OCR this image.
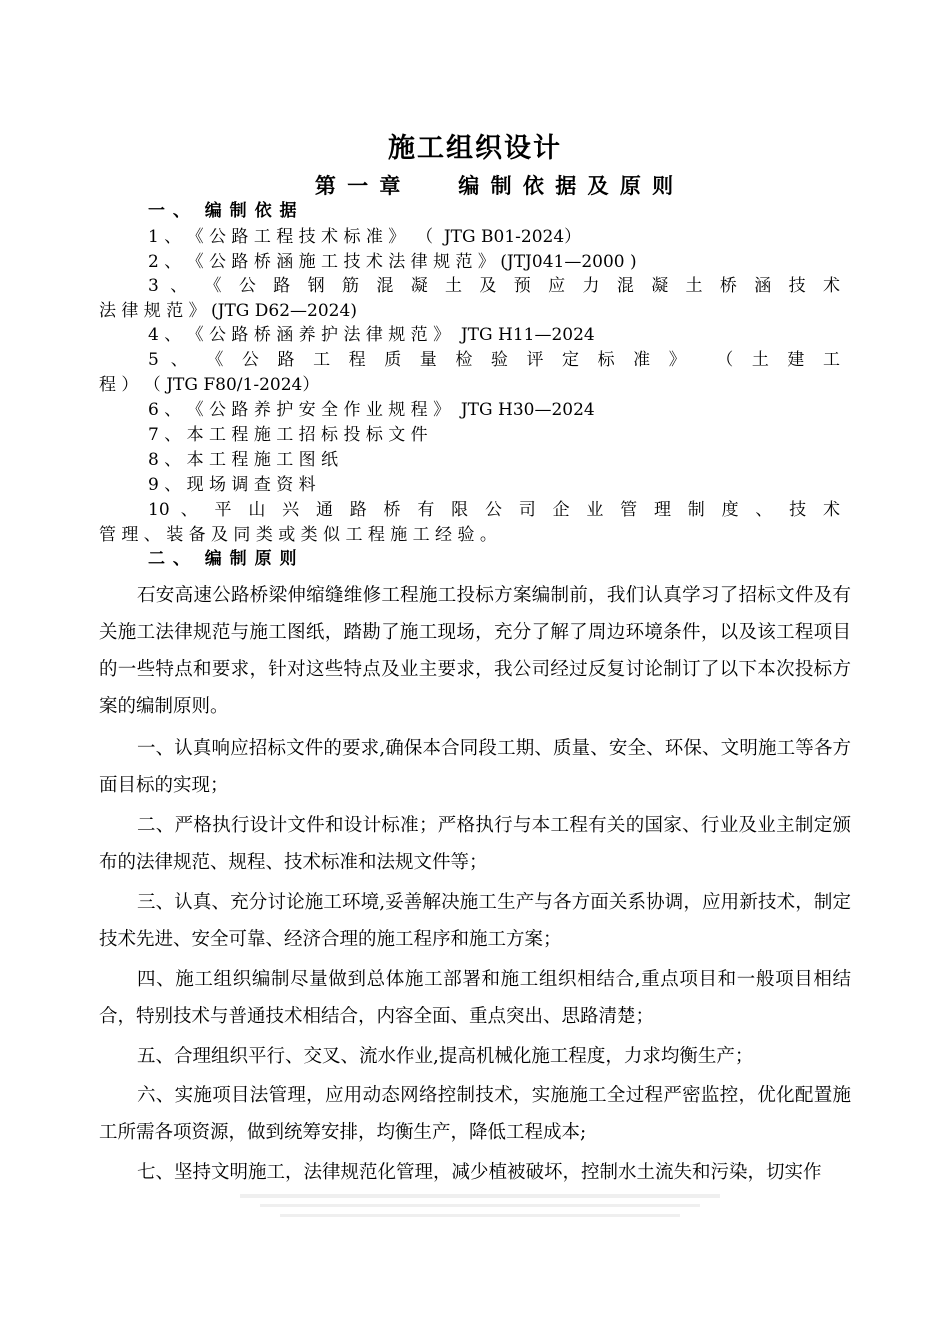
施工组织设计
第 一 章      编 制 依 据 及 原 则
一 、  编 制 依 据
1 、 《 公 路 工 程 技 术 标 准 》  （  JTG B01-2024）
2 、 《 公 路 桥 涵 施 工 技 术 法 律 规 范 》 (JTJ041—2000 )
3 、 《 公 路 钢 筋 混 凝 土 及 预 应 力 混 凝 土 桥 涵 技 术
法 律 规 范 》 (JTG D62—2024)
4 、 《 公 路 桥 涵 养 护 法 律 规 范 》  JTG H11—2024
5 、 《 公 路 工 程 质 量 检 验 评 定 标 准 》  （ 土 建 工
程 ） （ JTG F80/1-2024）
6 、 《 公 路 养 护 安 全 作 业 规 程 》  JTG H30—2024
7 、 本 工 程 施 工 招 标 投 标 文 件
8 、 本 工 程 施 工 图 纸
9 、 现 场 调 查 资 料
10 、 平 山 兴 通 路 桥 有 限 公 司 企 业 管 理 制 度 、 技 术
管 理 、 装 备 及 同 类 或 类 似 工 程 施 工 经 验 。
二 、  编 制 原 则

石安高速公路桥梁伸缩缝维修工程施工投标方案编制前，我们认真学习了招标文件及有关施工法律规范与施工图纸，踏勘了施工现场，充分了解了周边环境条件，以及该工程项目的一些特点和要求，针对这些特点及业主要求，我公司经过反复讨论制订了以下本次投标方案的编制原则。

一、认真响应招标文件的要求,确保本合同段工期、质量、安全、环保、文明施工等各方面目标的实现；

二、严格执行设计文件和设计标准；严格执行与本工程有关的国家、行业及业主制定颁布的法律规范、规程、技术标准和法规文件等；

三、认真、充分讨论施工环境,妥善解决施工生产与各方面关系协调，应用新技术，制定技术先进、安全可靠、经济合理的施工程序和施工方案；

四、施工组织编制尽量做到总体施工部署和施工组织相结合,重点项目和一般项目相结合，特别技术与普通技术相结合，内容全面、重点突出、思路清楚；

五、合理组织平行、交叉、流水作业,提高机械化施工程度，力求均衡生产；

六、实施项目法管理，应用动态网络控制技术，实施施工全过程严密监控，优化配置施工所需各项资源，做到统筹安排，均衡生产，降低工程成本;

七、坚持文明施工，法律规范化管理，减少植被破坏，控制水土流失和污染，切实作
